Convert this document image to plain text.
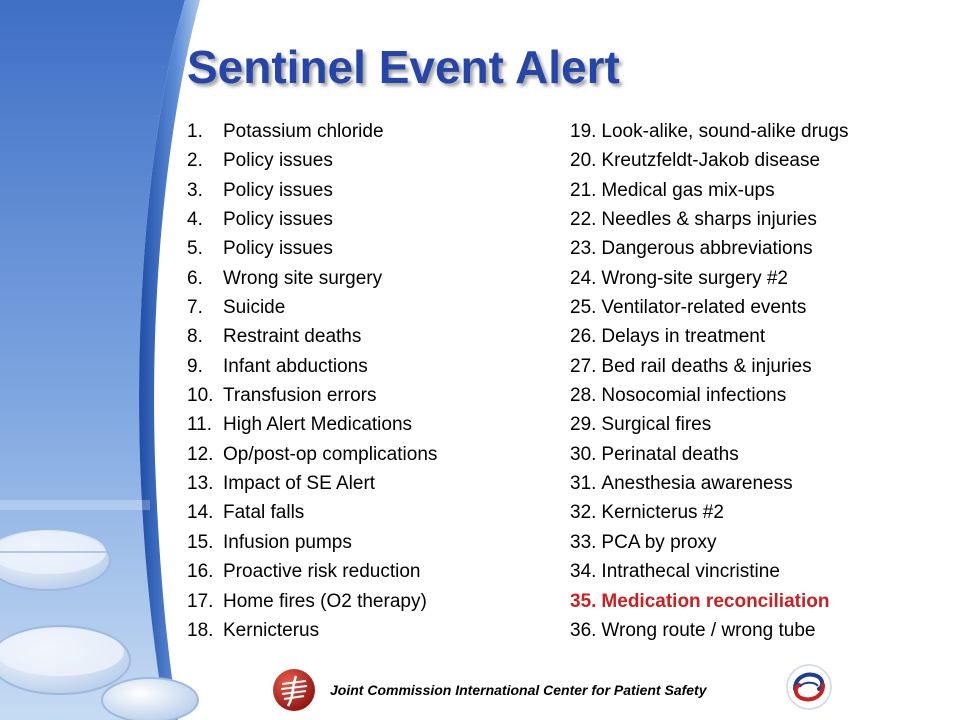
Sentinel Event Alert
1. Potassium chloride
2. Policy issues
3. Policy issues
4. Policy issues
5. Policy issues
6. Wrong site surgery
7. Suicide
8. Restraint deaths
9. Infant abductions
10. Transfusion errors
11. High Alert Medications
12. Op/post-op complications
13. Impact of SE Alert
14. Fatal falls
15. Infusion pumps
16. Proactive risk reduction
17. Home fires (O2 therapy)
18. Kernicterus
19. Look-alike, sound-alike drugs
20. Kreutzfeldt-Jakob disease
21. Medical gas mix-ups
22. Needles & sharps injuries
23. Dangerous abbreviations
24. Wrong-site surgery #2
25. Ventilator-related events
26. Delays in treatment
27. Bed rail deaths & injuries
28. Nosocomial infections
29. Surgical fires
30. Perinatal deaths
31. Anesthesia awareness
32. Kernicterus #2
33. PCA by proxy
34. Intrathecal vincristine
35. Medication reconciliation
36. Wrong route / wrong tube
Joint Commission International Center for Patient Safety
